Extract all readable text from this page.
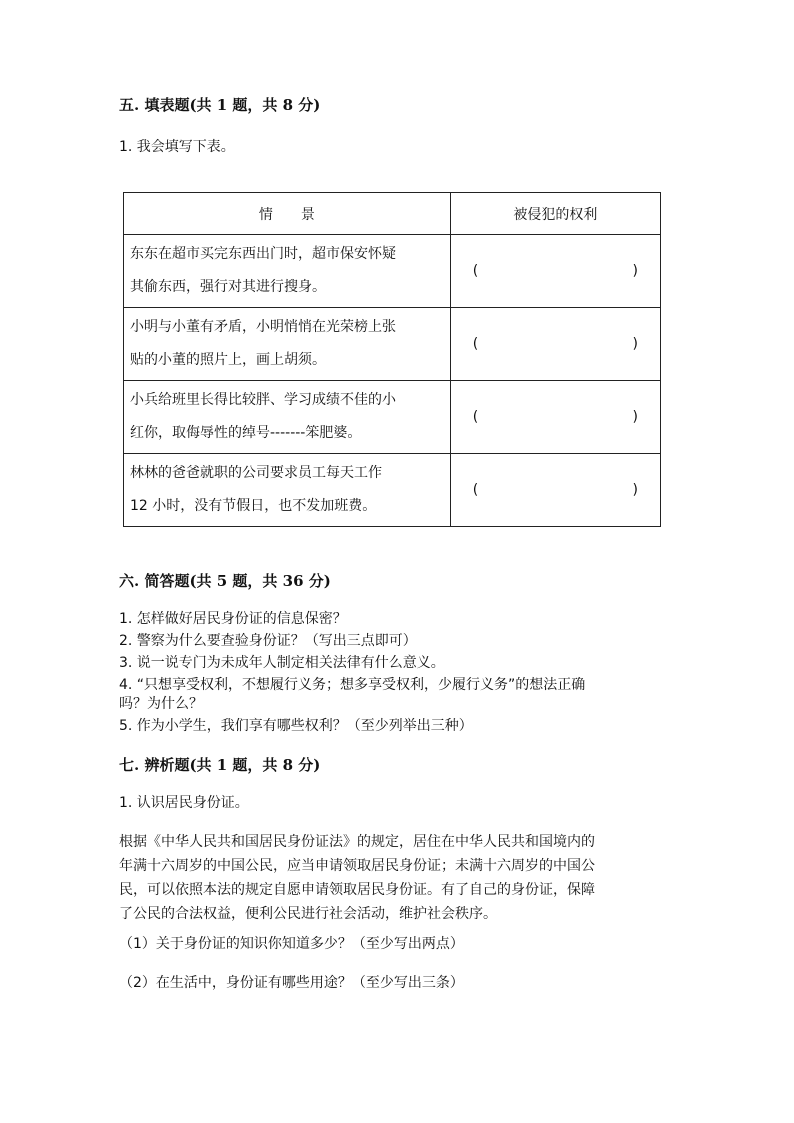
五. 填表题(共 1 题，共 8 分)
1. 我会填写下表。
情　　景	被侵犯的权利

东东在超市买完东西出门时，超市保安怀疑
其偷东西，强行对其进行搜身。	( )

小明与小董有矛盾，小明悄悄在光荣榜上张
贴的小董的照片上，画上胡须。	( )

小兵给班里长得比较胖、学习成绩不佳的小
红你，取侮辱性的绰号-------笨肥婆。	( )

林林的爸爸就职的公司要求员工每天工作
12 小时，没有节假日，也不发加班费。	( )
六. 简答题(共 5 题，共 36 分)
1. 怎样做好居民身份证的信息保密？
2. 警察为什么要查验身份证？（写出三点即可）
3. 说一说专门为未成年人制定相关法律有什么意义。
4. “只想享受权利，不想履行义务；想多享受权利，少履行义务”的想法正确
吗？为什么？
5. 作为小学生，我们享有哪些权利？（至少列举出三种）
七. 辨析题(共 1 题，共 8 分)
1. 认识居民身份证。
根据《中华人民共和国居民身份证法》的规定，居住在中华人民共和国境内的
年满十六周岁的中国公民，应当申请领取居民身份证；未满十六周岁的中国公
民，可以依照本法的规定自愿申请领取居民身份证。有了自己的身份证，保障
了公民的合法权益，便利公民进行社会活动，维护社会秩序。
（1）关于身份证的知识你知道多少？（至少写出两点）
（2）在生活中，身份证有哪些用途？（至少写出三条）
